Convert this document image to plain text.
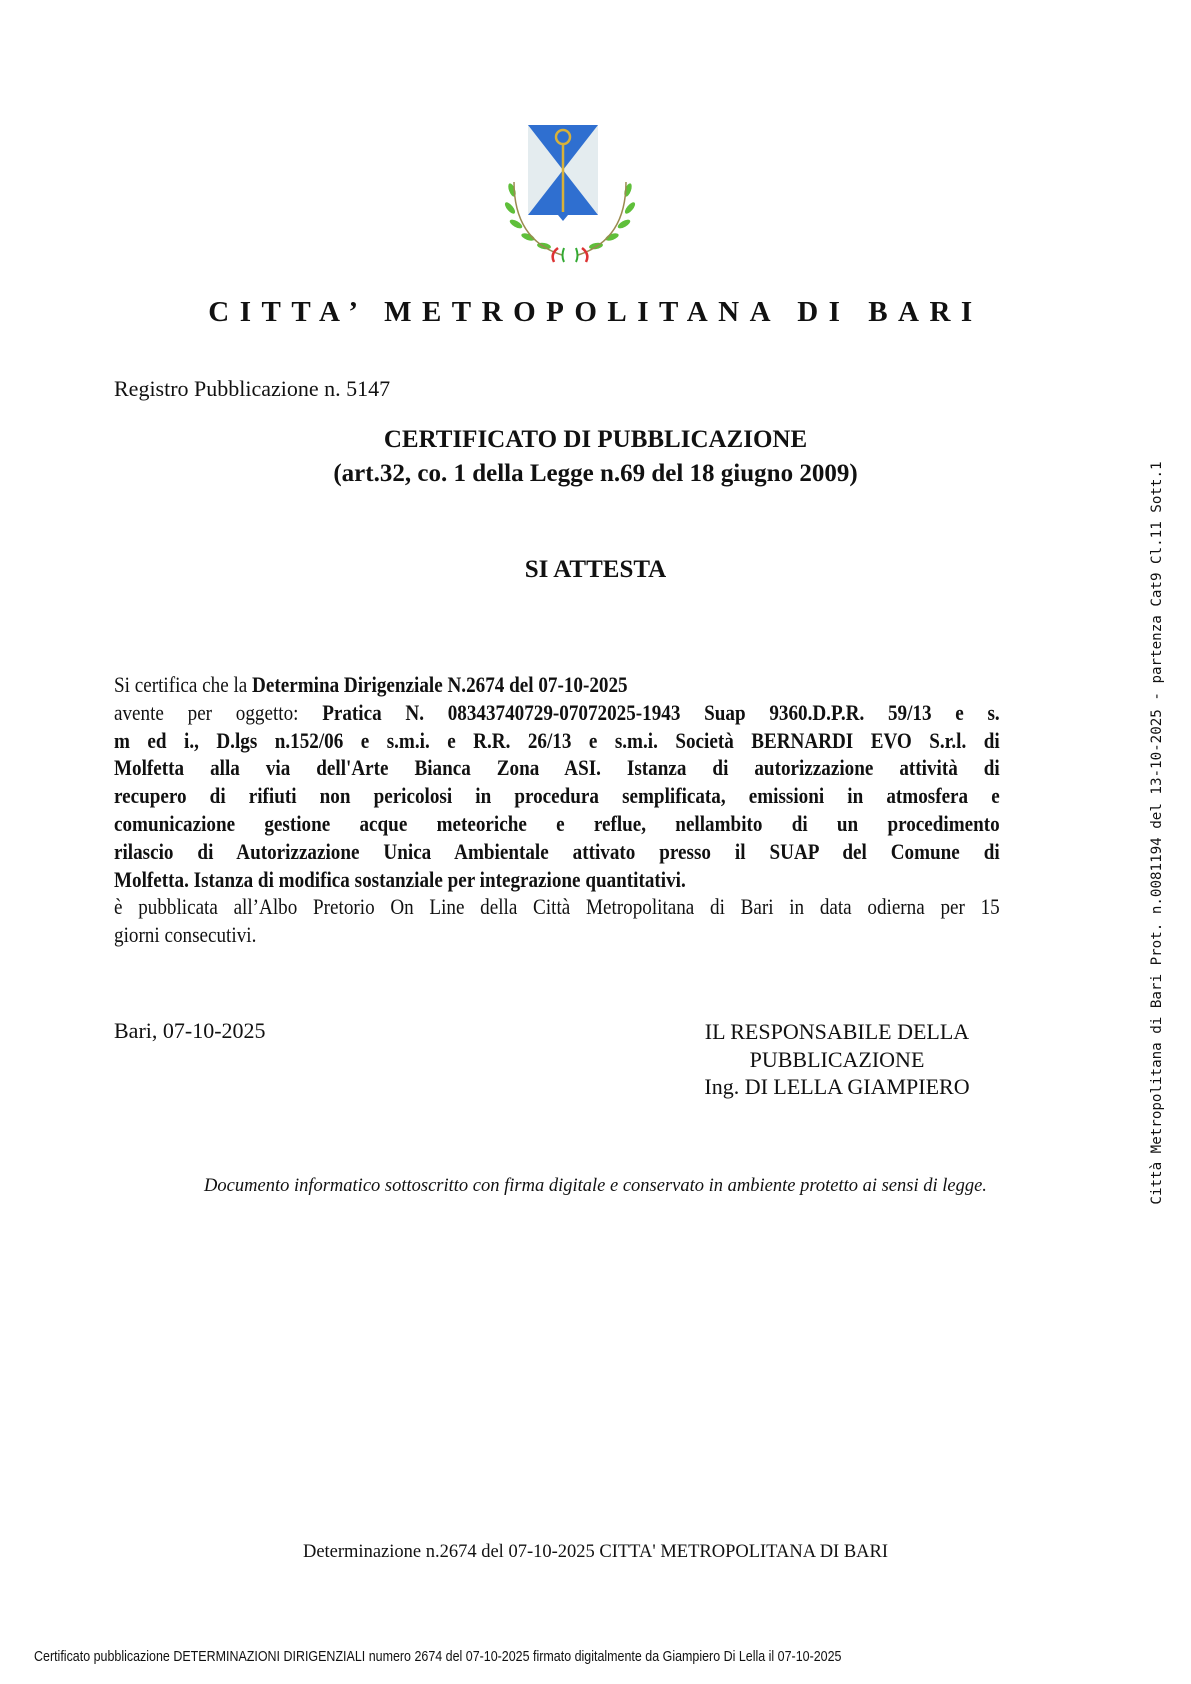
CITTA’ METROPOLITANA DI BARI
Registro Pubblicazione n. 5147
CERTIFICATO DI PUBBLICAZIONE
(art.32, co. 1 della Legge n.69 del 18 giugno 2009)
SI ATTESTA
Si certifica che la Determina Dirigenziale N.2674 del 07-10-2025
avente per oggetto: Pratica N. 08343740729-07072025-1943 Suap 9360.D.P.R. 59/13 e s.
m ed i., D.lgs n.152/06 e s.m.i. e R.R. 26/13 e s.m.i. Società BERNARDI EVO S.r.l. di
Molfetta alla via dell'Arte Bianca Zona ASI. Istanza di autorizzazione attività di
recupero di rifiuti non pericolosi in procedura semplificata, emissioni in atmosfera e
comunicazione gestione acque meteoriche e reflue, nellambito di un procedimento
rilascio di Autorizzazione Unica Ambientale attivato presso il SUAP del Comune di
Molfetta. Istanza di modifica sostanziale per integrazione quantitativi.
è pubblicata all’Albo Pretorio On Line della Città Metropolitana di Bari in data odierna per 15
giorni consecutivi.
Bari, 07-10-2025	IL RESPONSABILE DELLA
PUBBLICAZIONE
Ing. DI LELLA GIAMPIERO
Documento informatico sottoscritto con firma digitale e conservato in ambiente protetto ai sensi di legge.
Determinazione n.2674 del 07-10-2025 CITTA' METROPOLITANA DI BARI
Certificato pubblicazione DETERMINAZIONI DIRIGENZIALI numero 2674 del 07-10-2025 firmato digitalmente da Giampiero Di Lella il 07-10-2025
Città Metropolitana di Bari Prot. n.0081194 del 13-10-2025 - partenza Cat9 Cl.11 Sott.1
